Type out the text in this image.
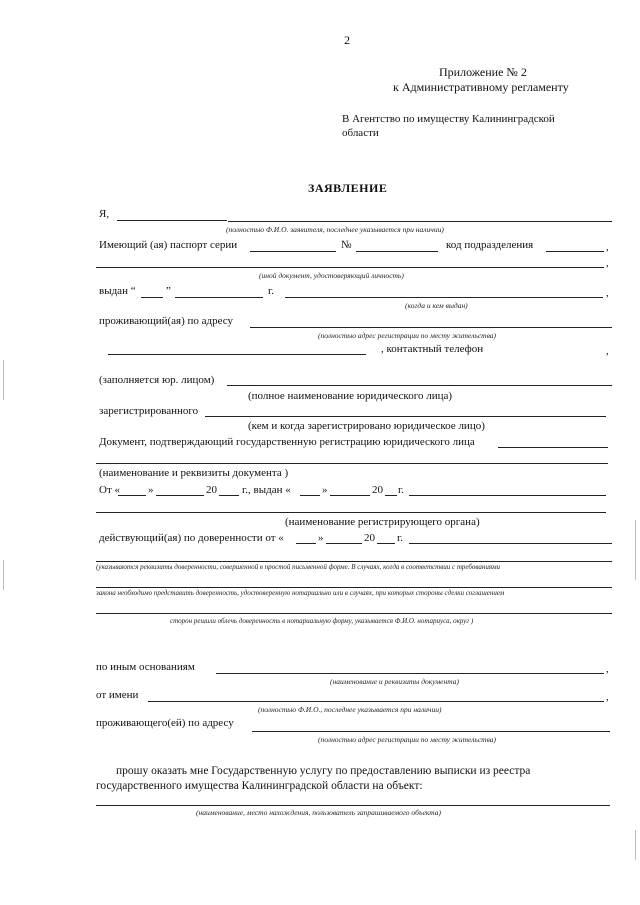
2
Приложение № 2
к Административному регламенту
В Агентство по имуществу Калининградской
области
ЗАЯВЛЕНИЕ
Я,
(полностью Ф.И.О. заявителя, последнее указывается при наличии)
Имеющий (ая) паспорт серии	№	код подразделения	,
,
(иной документ, удостоверяющий личность)
выдан “	”	г.	,
(когда и кем выдан)
проживающий(ая) по адресу
(полностью адрес регистрации по месту жительства)
, контактный телефон	,
(заполняется юр. лицом)
(полное наименование юридического лица)
зарегистрированного
(кем и когда зарегистрировано юридическое лицо)
Документ, подтверждающий государственную регистрацию юридического лица
(наименование и реквизиты документа )
От «	»	20 г., выдан «	»	20 г.
(наименование регистрирующего органа)
действующий(ая) по доверенности от «	»	20 г.
(указываются реквизиты доверенности, совершенной в простой письменной форме. В случаях, когда в соответствии с требованиями
закона необходимо представить доверенность, удостоверенную нотариально или в случаях, при которых стороны сделки соглашением
сторон решили облечь доверенность в нотариальную форму, указывается Ф.И.О. нотариуса, округ )
по иным основаниям	,
(наименование и реквизиты документа)
от имени	,
(полностью Ф.И.О., последнее указывается при наличии)
проживающего(ей) по адресу
(полностью адрес регистрации по месту жительства)
прошу оказать мне Государственную услугу по предоставлению выписки из реестра
государственного имущества Калининградской области на объект:
(наименование, место нахождения, пользователь запрашиваемого объекта)
